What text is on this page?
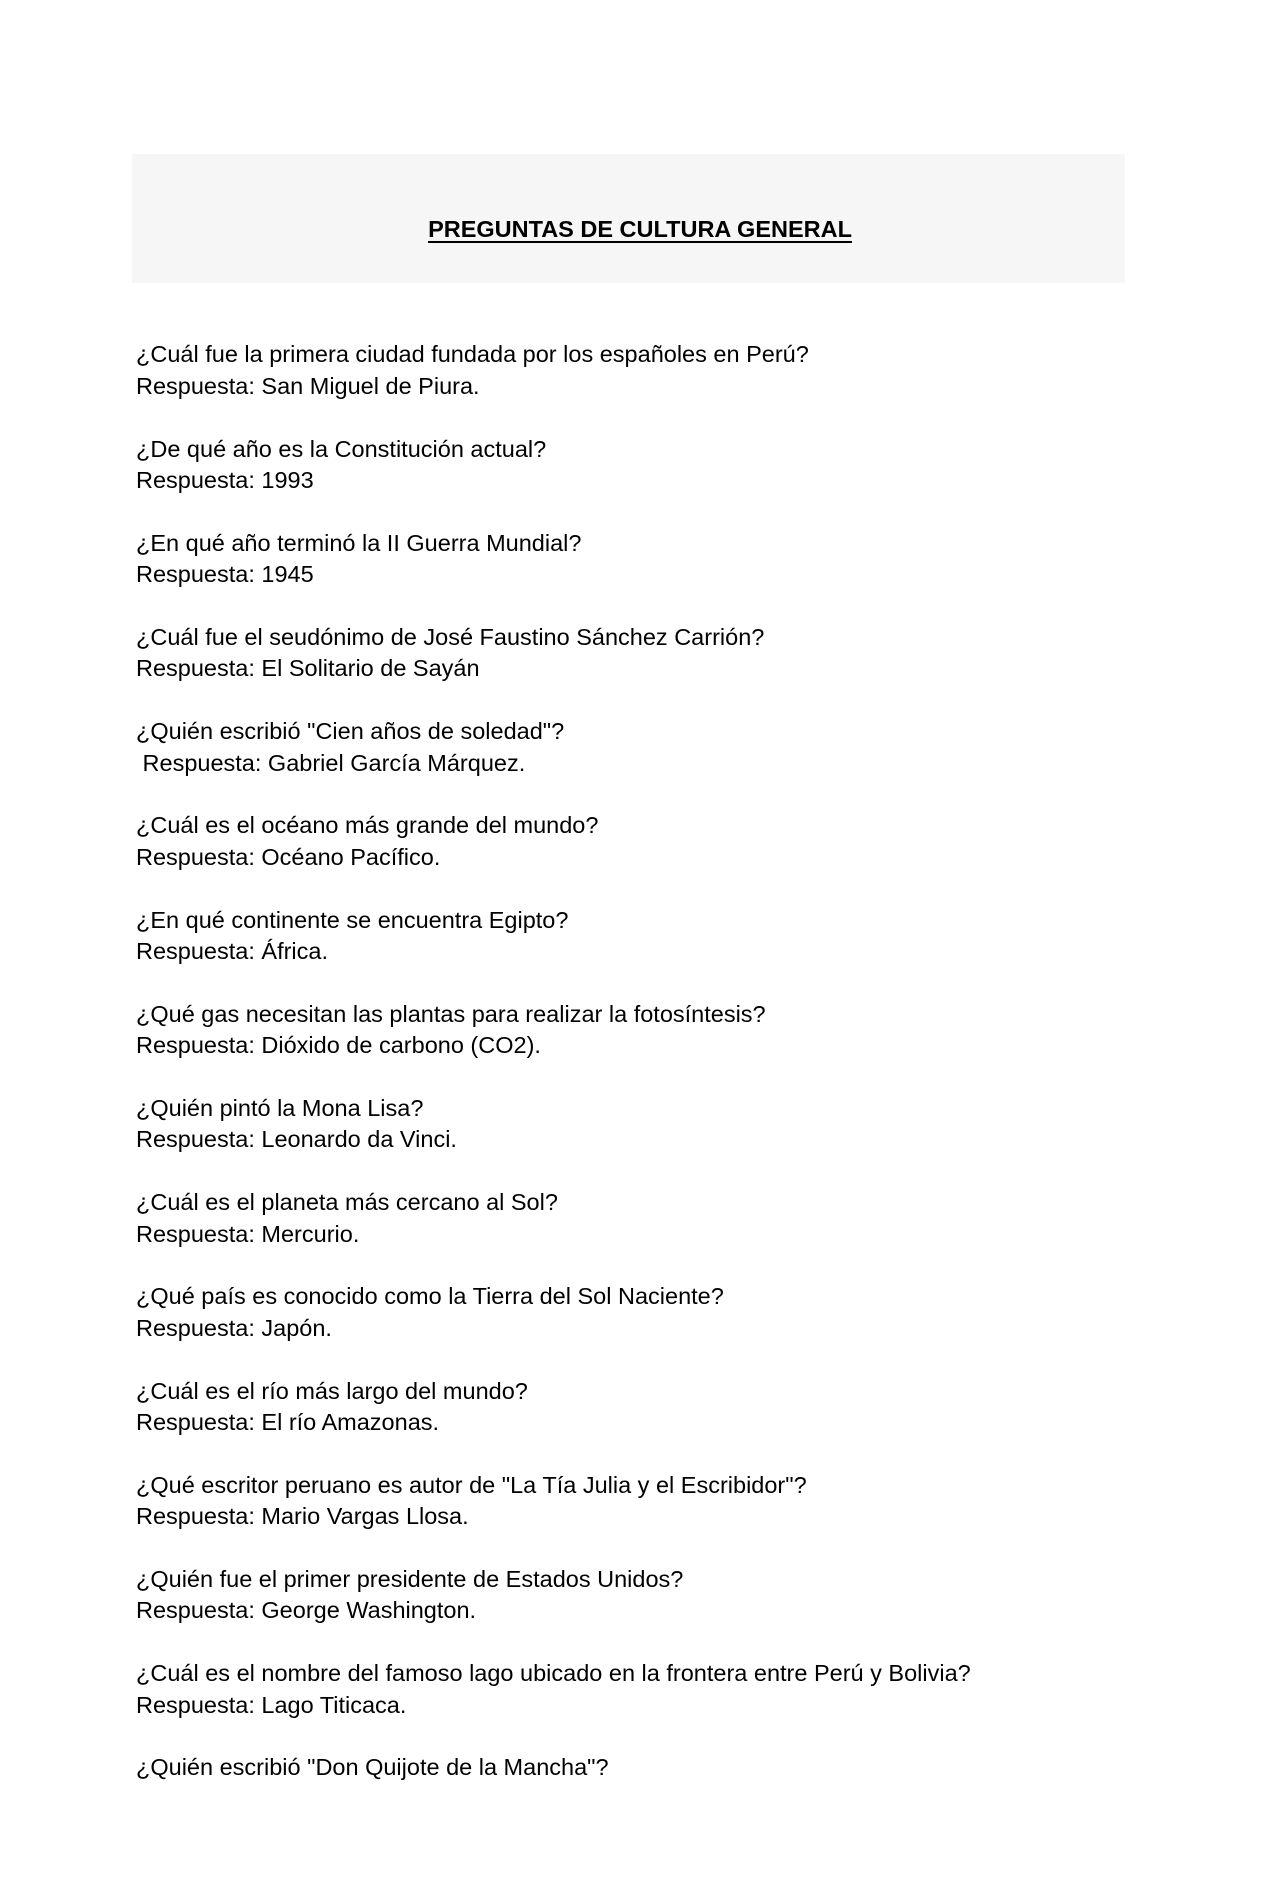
PREGUNTAS DE CULTURA GENERAL

¿Cuál fue la primera ciudad fundada por los españoles en Perú?
Respuesta: San Miguel de Piura.
¿De qué año es la Constitución actual?
Respuesta: 1993
¿En qué año terminó la II Guerra Mundial?
Respuesta: 1945
¿Cuál fue el seudónimo de José Faustino Sánchez Carrión?
Respuesta: El Solitario de Sayán
¿Quién escribió "Cien años de soledad"?
Respuesta: Gabriel García Márquez.
¿Cuál es el océano más grande del mundo?
Respuesta: Océano Pacífico.
¿En qué continente se encuentra Egipto?
Respuesta: África.
¿Qué gas necesitan las plantas para realizar la fotosíntesis?
Respuesta: Dióxido de carbono (CO2).
¿Quién pintó la Mona Lisa?
Respuesta: Leonardo da Vinci.
¿Cuál es el planeta más cercano al Sol?
Respuesta: Mercurio.
¿Qué país es conocido como la Tierra del Sol Naciente?
Respuesta: Japón.
¿Cuál es el río más largo del mundo?
Respuesta: El río Amazonas.
¿Qué escritor peruano es autor de "La Tía Julia y el Escribidor"?
Respuesta: Mario Vargas Llosa.
¿Quién fue el primer presidente de Estados Unidos?
Respuesta: George Washington.
¿Cuál es el nombre del famoso lago ubicado en la frontera entre Perú y Bolivia?
Respuesta: Lago Titicaca.
¿Quién escribió "Don Quijote de la Mancha"?
